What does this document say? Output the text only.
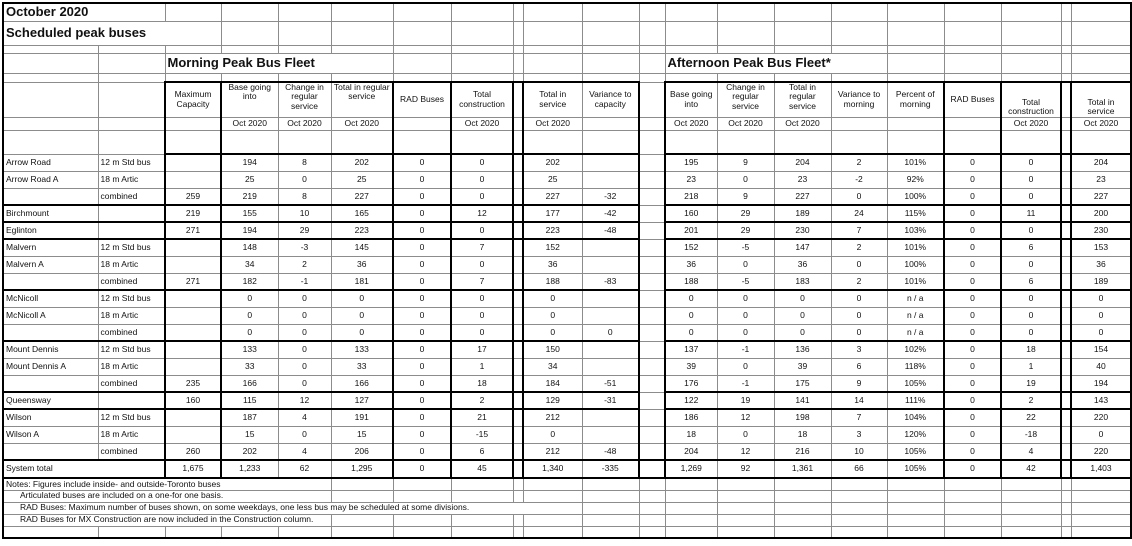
October 2020																				
Scheduled peak buses																				

		Morning Peak Bus Fleet										Afternoon Peak Bus Fleet*								

		Maximum Capacity	Base going into	Change in regular service	Total in regular service	RAD Buses	Total construction		Total in service	Variance to capacity		Base going into	Change in regular service	Total in regular service	Variance to morning	Percent of morning	RAD Buses	Total construction		Total in service
			Oct 2020	Oct 2020	Oct 2020		Oct 2020		Oct 2020			Oct 2020	Oct 2020	Oct 2020				Oct 2020		Oct 2020

Arrow Road	12 m Std bus		194	8	202	0	0		202			195	9	204	2	101%	0	0		204
Arrow Road A	18 m Artic		25	0	25	0	0		25			23	0	23	-2	92%	0	0		23
	combined	259	219	8	227	0	0		227	-32		218	9	227	0	100%	0	0		227
Birchmount		219	155	10	165	0	12		177	-42		160	29	189	24	115%	0	11		200
Eglinton		271	194	29	223	0	0		223	-48		201	29	230	7	103%	0	0		230
Malvern	12 m Std bus		148	-3	145	0	7		152			152	-5	147	2	101%	0	6		153
Malvern A	18 m Artic		34	2	36	0	0		36			36	0	36	0	100%	0	0		36
	combined	271	182	-1	181	0	7		188	-83		188	-5	183	2	101%	0	6		189
McNicoll	12 m Std bus		0	0	0	0	0		0			0	0	0	0	n / a	0	0		0
McNicoll A	18 m Artic		0	0	0	0	0		0			0	0	0	0	n / a	0	0		0
	combined		0	0	0	0	0		0	0		0	0	0	0	n / a	0	0		0
Mount Dennis	12 m Std bus		133	0	133	0	17		150			137	-1	136	3	102%	0	18		154
Mount Dennis A	18 m Artic		33	0	33	0	1		34			39	0	39	6	118%	0	1		40
	combined	235	166	0	166	0	18		184	-51		176	-1	175	9	105%	0	19		194
Queensway		160	115	12	127	0	2		129	-31		122	19	141	14	111%	0	2		143
Wilson	12 m Std bus		187	4	191	0	21		212			186	12	198	7	104%	0	22		220
Wilson A	18 m Artic		15	0	15	0	-15		0			18	0	18	3	120%	0	-18		0
	combined	260	202	4	206	0	6		212	-48		204	12	216	10	105%	0	4		220
System total		1,675	1,233	62	1,295	0	45		1,340	-335		1,269	92	1,361	66	105%	0	42		1,403
Notes: Figures include inside- and outside-Toronto buses																				
Articulated buses are included on a one-for one basis.																				
RAD Buses: Maximum number of buses shown, on some weekdays, one less bus may be scheduled at some divisions.																				
RAD Buses for MX Construction are now included in the Construction column.																				
